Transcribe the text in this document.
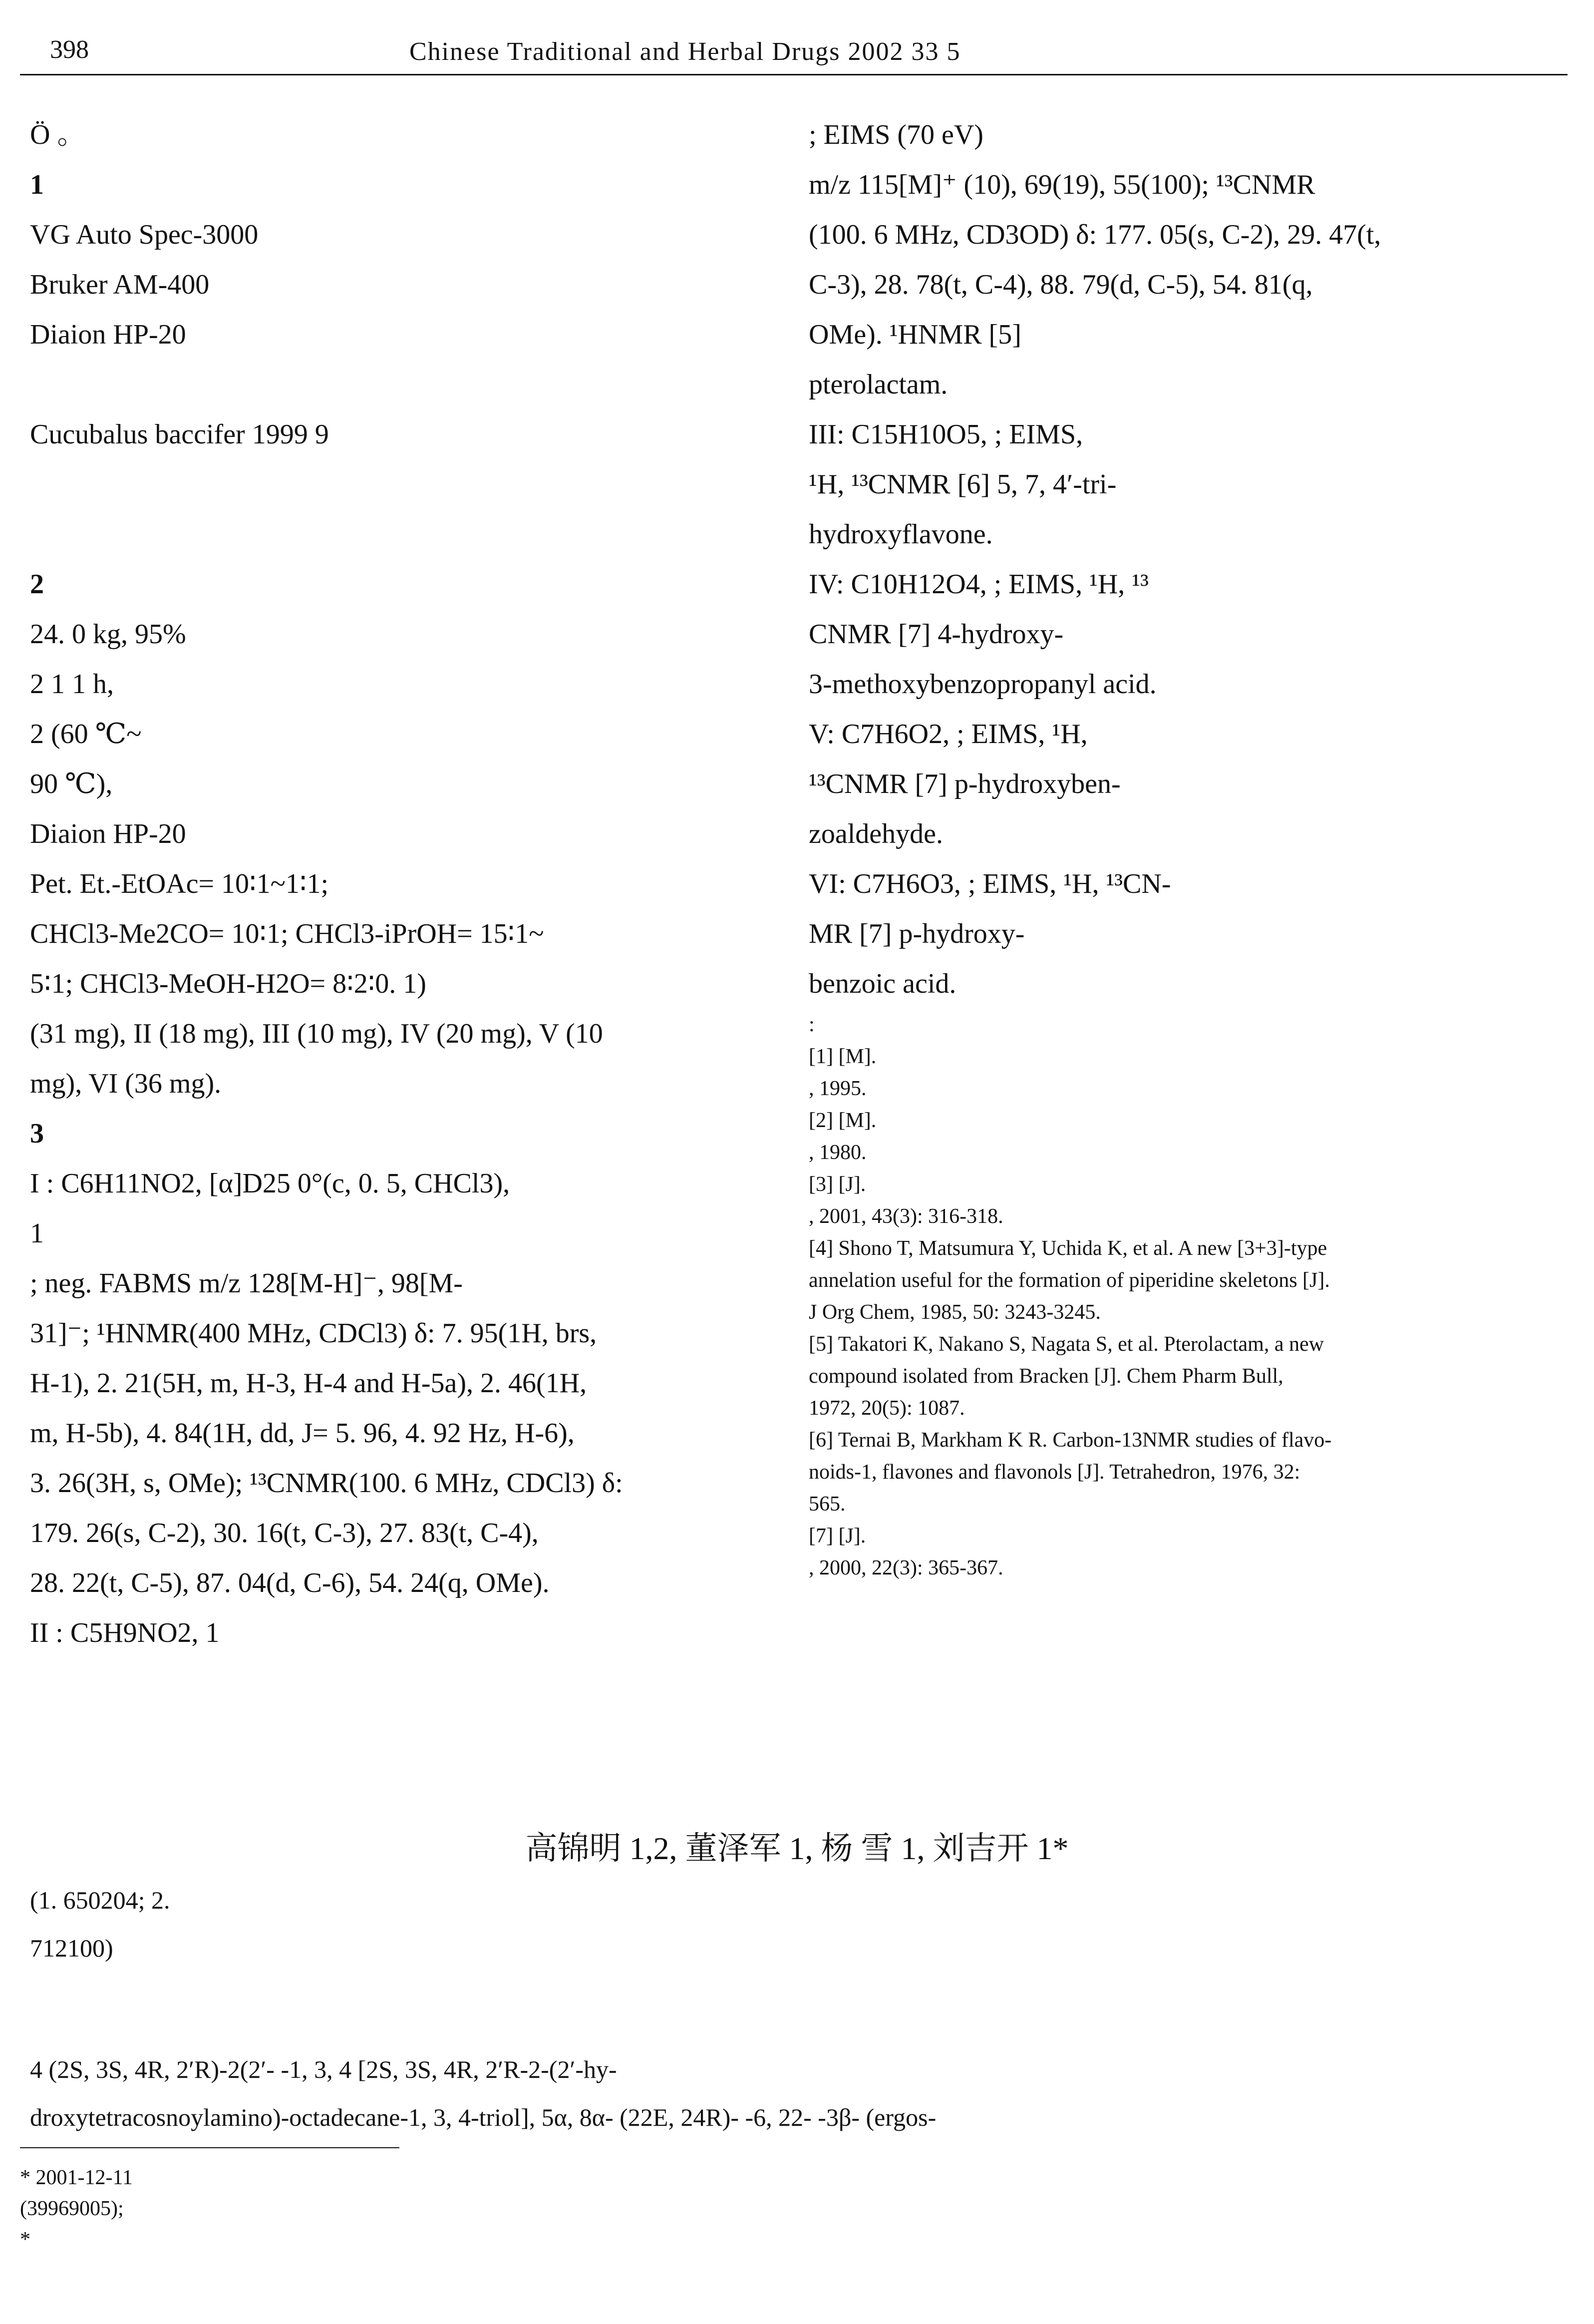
398	Chinese Traditional and Herbal Drugs 2002 33 5
Ö 。
1
VG Auto Spec-3000
Bruker AM-400
Diaion HP-20
Cucubalus baccifer 1999 9
2
24. 0 kg, 95%
2 1 1 h,
2 (60 ℃~
90 ℃),
Diaion HP-20
Pet. Et.-EtOAc= 10∶1~1∶1;
CHCl3-Me2CO= 10∶1; CHCl3-iPrOH= 15∶1~
5∶1; CHCl3-MeOH-H2O= 8∶2∶0. 1)
(31 mg), II (18 mg), III (10 mg), IV (20 mg), V (10
mg), VI (36 mg).
3
I : C6H11NO2, [α]D25 0°(c, 0. 5, CHCl3),
1
; neg. FABMS m/z 128[M-H]⁻, 98[M-
31]⁻; ¹HNMR(400 MHz, CDCl3) δ: 7. 95(1H, brs,
H-1), 2. 21(5H, m, H-3, H-4 and H-5a), 2. 46(1H,
m, H-5b), 4. 84(1H, dd, J= 5. 96, 4. 92 Hz, H-6),
3. 26(3H, s, OMe); ¹³CNMR(100. 6 MHz, CDCl3) δ:
179. 26(s, C-2), 30. 16(t, C-3), 27. 83(t, C-4),
28. 22(t, C-5), 87. 04(d, C-6), 54. 24(q, OMe).
II : C5H9NO2, 1
; EIMS (70 eV)
m/z 115[M]⁺ (10), 69(19), 55(100); ¹³CNMR
(100. 6 MHz, CD3OD) δ: 177. 05(s, C-2), 29. 47(t,
C-3), 28. 78(t, C-4), 88. 79(d, C-5), 54. 81(q,
OMe). ¹HNMR [5]
pterolactam.
III: C15H10O5, ; EIMS,
¹H, ¹³CNMR [6] 5, 7, 4′-tri-
hydroxyflavone.
IV: C10H12O4, ; EIMS, ¹H, ¹³
CNMR [7] 4-hydroxy-
3-methoxybenzopropanyl acid.
V: C7H6O2, ; EIMS, ¹H,
¹³CNMR [7] p-hydroxyben-
zoaldehyde.
VI: C7H6O3, ; EIMS, ¹H, ¹³CN-
MR [7] p-hydroxy-
benzoic acid.
:
[1] [M].
, 1995.
[2] [M].
, 1980.
[3] [J].
, 2001, 43(3): 316-318.
[4] Shono T, Matsumura Y, Uchida K, et al. A new [3+3]-type
annelation useful for the formation of piperidine skeletons [J].
J Org Chem, 1985, 50: 3243-3245.
[5] Takatori K, Nakano S, Nagata S, et al. Pterolactam, a new
compound isolated from Bracken [J]. Chem Pharm Bull,
1972, 20(5): 1087.
[6] Ternai B, Markham K R. Carbon-13NMR studies of flavo-
noids-1, flavones and flavonols [J]. Tetrahedron, 1976, 32:
565.
[7] [J].
, 2000, 22(3): 365-367.
高锦明 1,2, 董泽军 1, 杨 雪 1, 刘吉开 1*
(1. 650204; 2.
712100)
4 (2S, 3S, 4R, 2′R)-2(2′- -1, 3, 4 [2S, 3S, 4R, 2′R-2-(2′-hy-
droxytetracosnoylamino)-octadecane-1, 3, 4-triol], 5α, 8α- (22E, 24R)- -6, 22- -3β- (ergos-
* 2001-12-11
(39969005);
*
